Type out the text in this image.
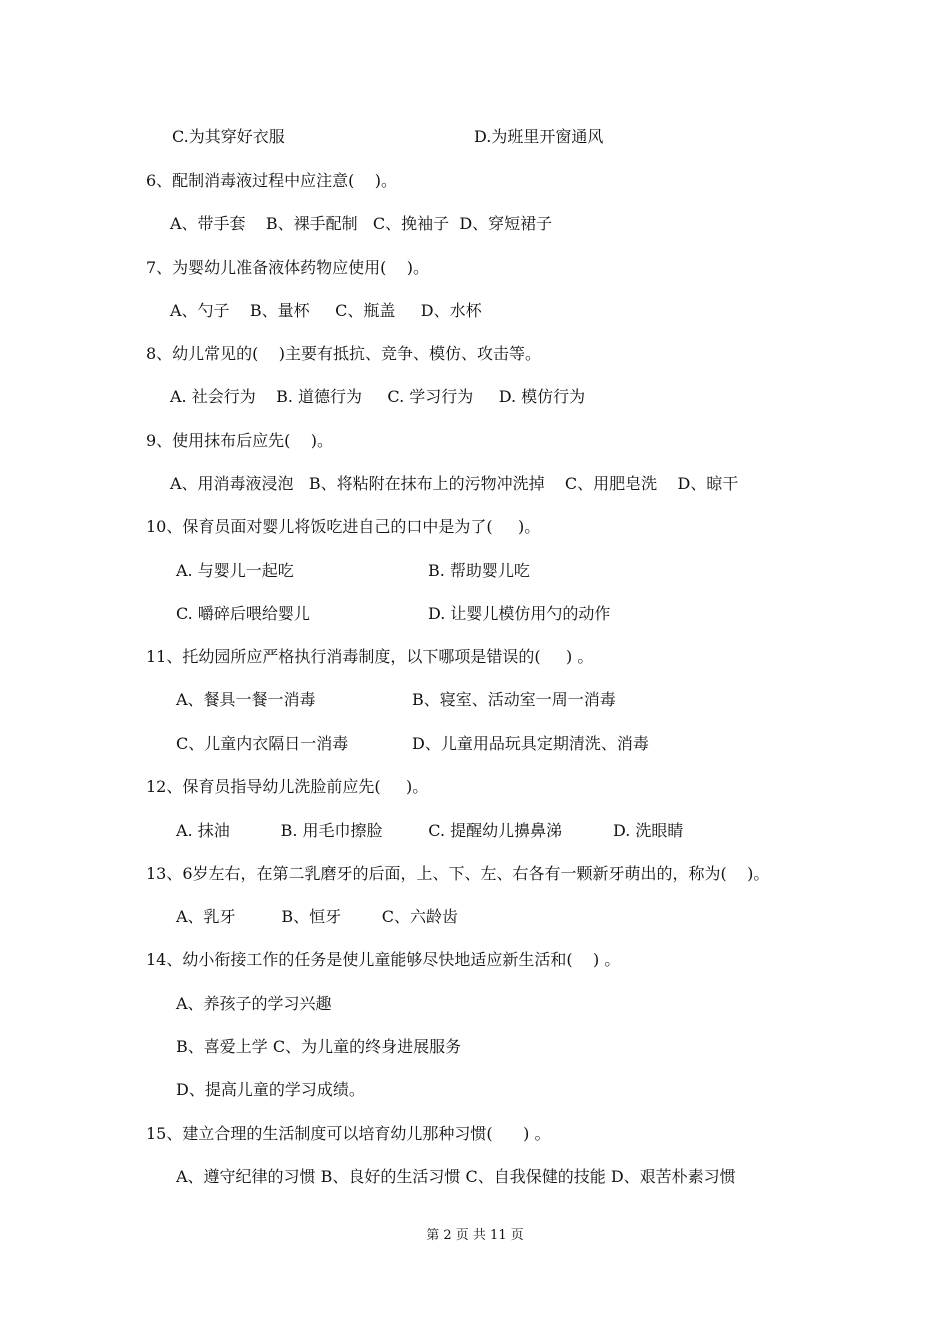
C.为其穿好衣服	D.为班里开窗通风
6、配制消毒液过程中应注意(    )。
A、带手套    B、裸手配制   C、挽袖子  D、穿短裙子
7、为婴幼儿准备液体药物应使用(    )。
A、勺子    B、量杯     C、瓶盖     D、水杯
8、幼儿常见的(    )主要有抵抗、竞争、模仿、攻击等。
A. 社会行为    B. 道德行为     C. 学习行为     D. 模仿行为
9、使用抹布后应先(    )。
A、用消毒液浸泡   B、将粘附在抹布上的污物冲洗掉    C、用肥皂洗    D、晾干
10、保育员面对婴儿将饭吃进自己的口中是为了(     )。
A. 与婴儿一起吃	B. 帮助婴儿吃
C. 嚼碎后喂给婴儿	D. 让婴儿模仿用勺的动作
11、托幼园所应严格执行消毒制度，以下哪项是错误的(     ) 。
A、餐具一餐一消毒	B、寝室、活动室一周一消毒
C、儿童内衣隔日一消毒	D、儿童用品玩具定期清洗、消毒
12、保育员指导幼儿洗脸前应先(     )。
A. 抹油          B. 用毛巾擦脸         C. 提醒幼儿擤鼻涕          D. 洗眼睛
13、6岁左右，在第二乳磨牙的后面，上、下、左、右各有一颗新牙萌出的，称为(    )。
A、乳牙         B、恒牙        C、六龄齿
14、幼小衔接工作的任务是使儿童能够尽快地适应新生活和(    ) 。
A、养孩子的学习兴趣
B、喜爱上学 C、为儿童的终身进展服务
D、提高儿童的学习成绩。
15、建立合理的生活制度可以培育幼儿那种习惯(      ) 。
A、遵守纪律的习惯 B、良好的生活习惯 C、自我保健的技能 D、艰苦朴素习惯
第 2 页 共 11 页
